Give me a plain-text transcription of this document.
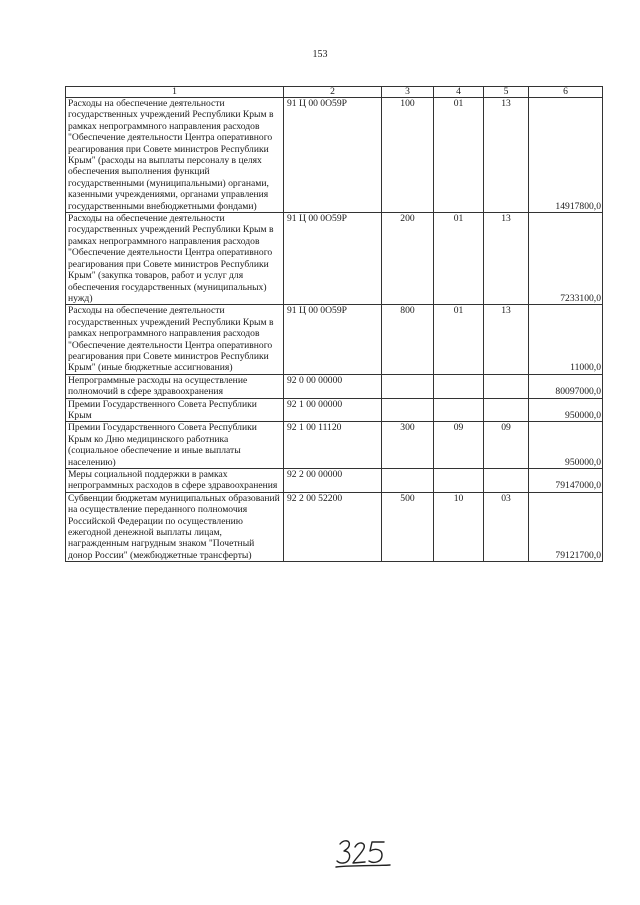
153
1	2	3	4	5	6
Расходы на обеспечение деятельности государственных учреждений Республики Крым в рамках непрограммного направления расходов "Обеспечение деятельности Центра оперативного реагирования при Совете министров Республики Крым" (расходы на выплаты персоналу в целях обеспечения выполнения функций государственными (муниципальными) органами, казенными учреждениями, органами управления государственными внебюджетными фондами)	91 Ц 00 0О59Р	100	01	13	14917800,0
Расходы на обеспечение деятельности государственных учреждений Республики Крым в рамках непрограммного направления расходов "Обеспечение деятельности Центра оперативного реагирования при Совете министров Республики Крым" (закупка товаров, работ и услуг для обеспечения государственных (муниципальных) нужд)	91 Ц 00 0О59Р	200	01	13	7233100,0
Расходы на обеспечение деятельности государственных учреждений Республики Крым в рамках непрограммного направления расходов "Обеспечение деятельности Центра оперативного реагирования при Совете министров Республики Крым" (иные бюджетные ассигнования)	91 Ц 00 0О59Р	800	01	13	11000,0
Непрограммные расходы на осуществление полномочий в сфере здравоохранения	92 0 00 00000				80097000,0
Премии Государственного Совета Республики Крым	92 1 00 00000				950000,0
Премии Государственного Совета Республики Крым ко Дню медицинского работника (социальное обеспечение и иные выплаты населению)	92 1 00 11120	300	09	09	950000,0
Меры социальной поддержки в рамках непрограммных расходов в сфере здравоохранения	92 2 00 00000				79147000,0
Субвенции бюджетам муниципальных образований на осуществление переданного полномочия Российской Федерации по осуществлению ежегодной денежной выплаты лицам, награжденным нагрудным знаком "Почетный донор России" (межбюджетные трансферты)	92 2 00 52200	500	10	03	79121700,0
